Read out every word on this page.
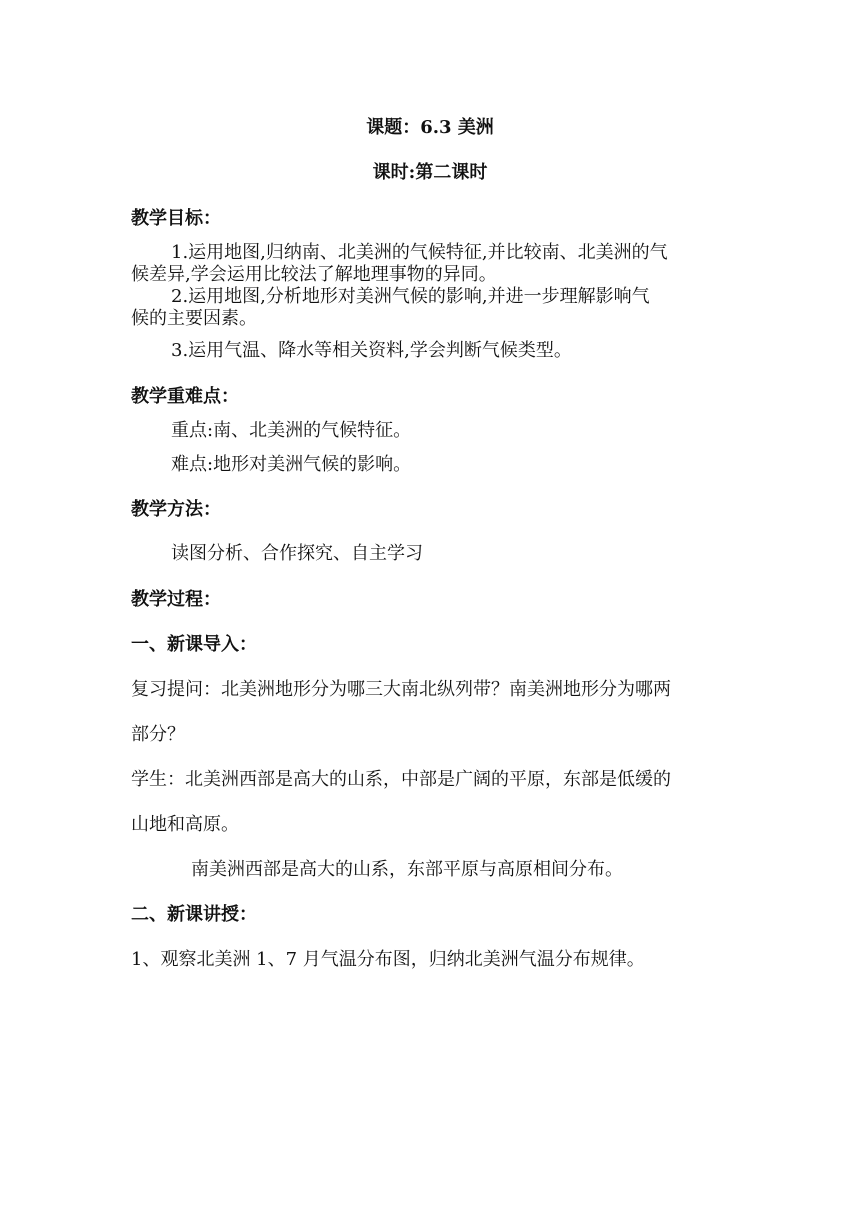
课题：6.3 美洲

课时:第二课时

教学目标：

1.运用地图,归纳南、北美洲的气候特征,并比较南、北美洲的气

候差异,学会运用比较法了解地理事物的异同。

2.运用地图,分析地形对美洲气候的影响,并进一步理解影响气

候的主要因素。

3.运用气温、降水等相关资料,学会判断气候类型。

教学重难点：

重点:南、北美洲的气候特征。

难点:地形对美洲气候的影响。

教学方法：

读图分析、合作探究、自主学习

教学过程：

一、新课导入：

复习提问：北美洲地形分为哪三大南北纵列带？南美洲地形分为哪两

部分？

学生：北美洲西部是高大的山系，中部是广阔的平原，东部是低缓的

山地和高原。

南美洲西部是高大的山系，东部平原与高原相间分布。

二、新课讲授：

1、观察北美洲 1、7 月气温分布图，归纳北美洲气温分布规律。
